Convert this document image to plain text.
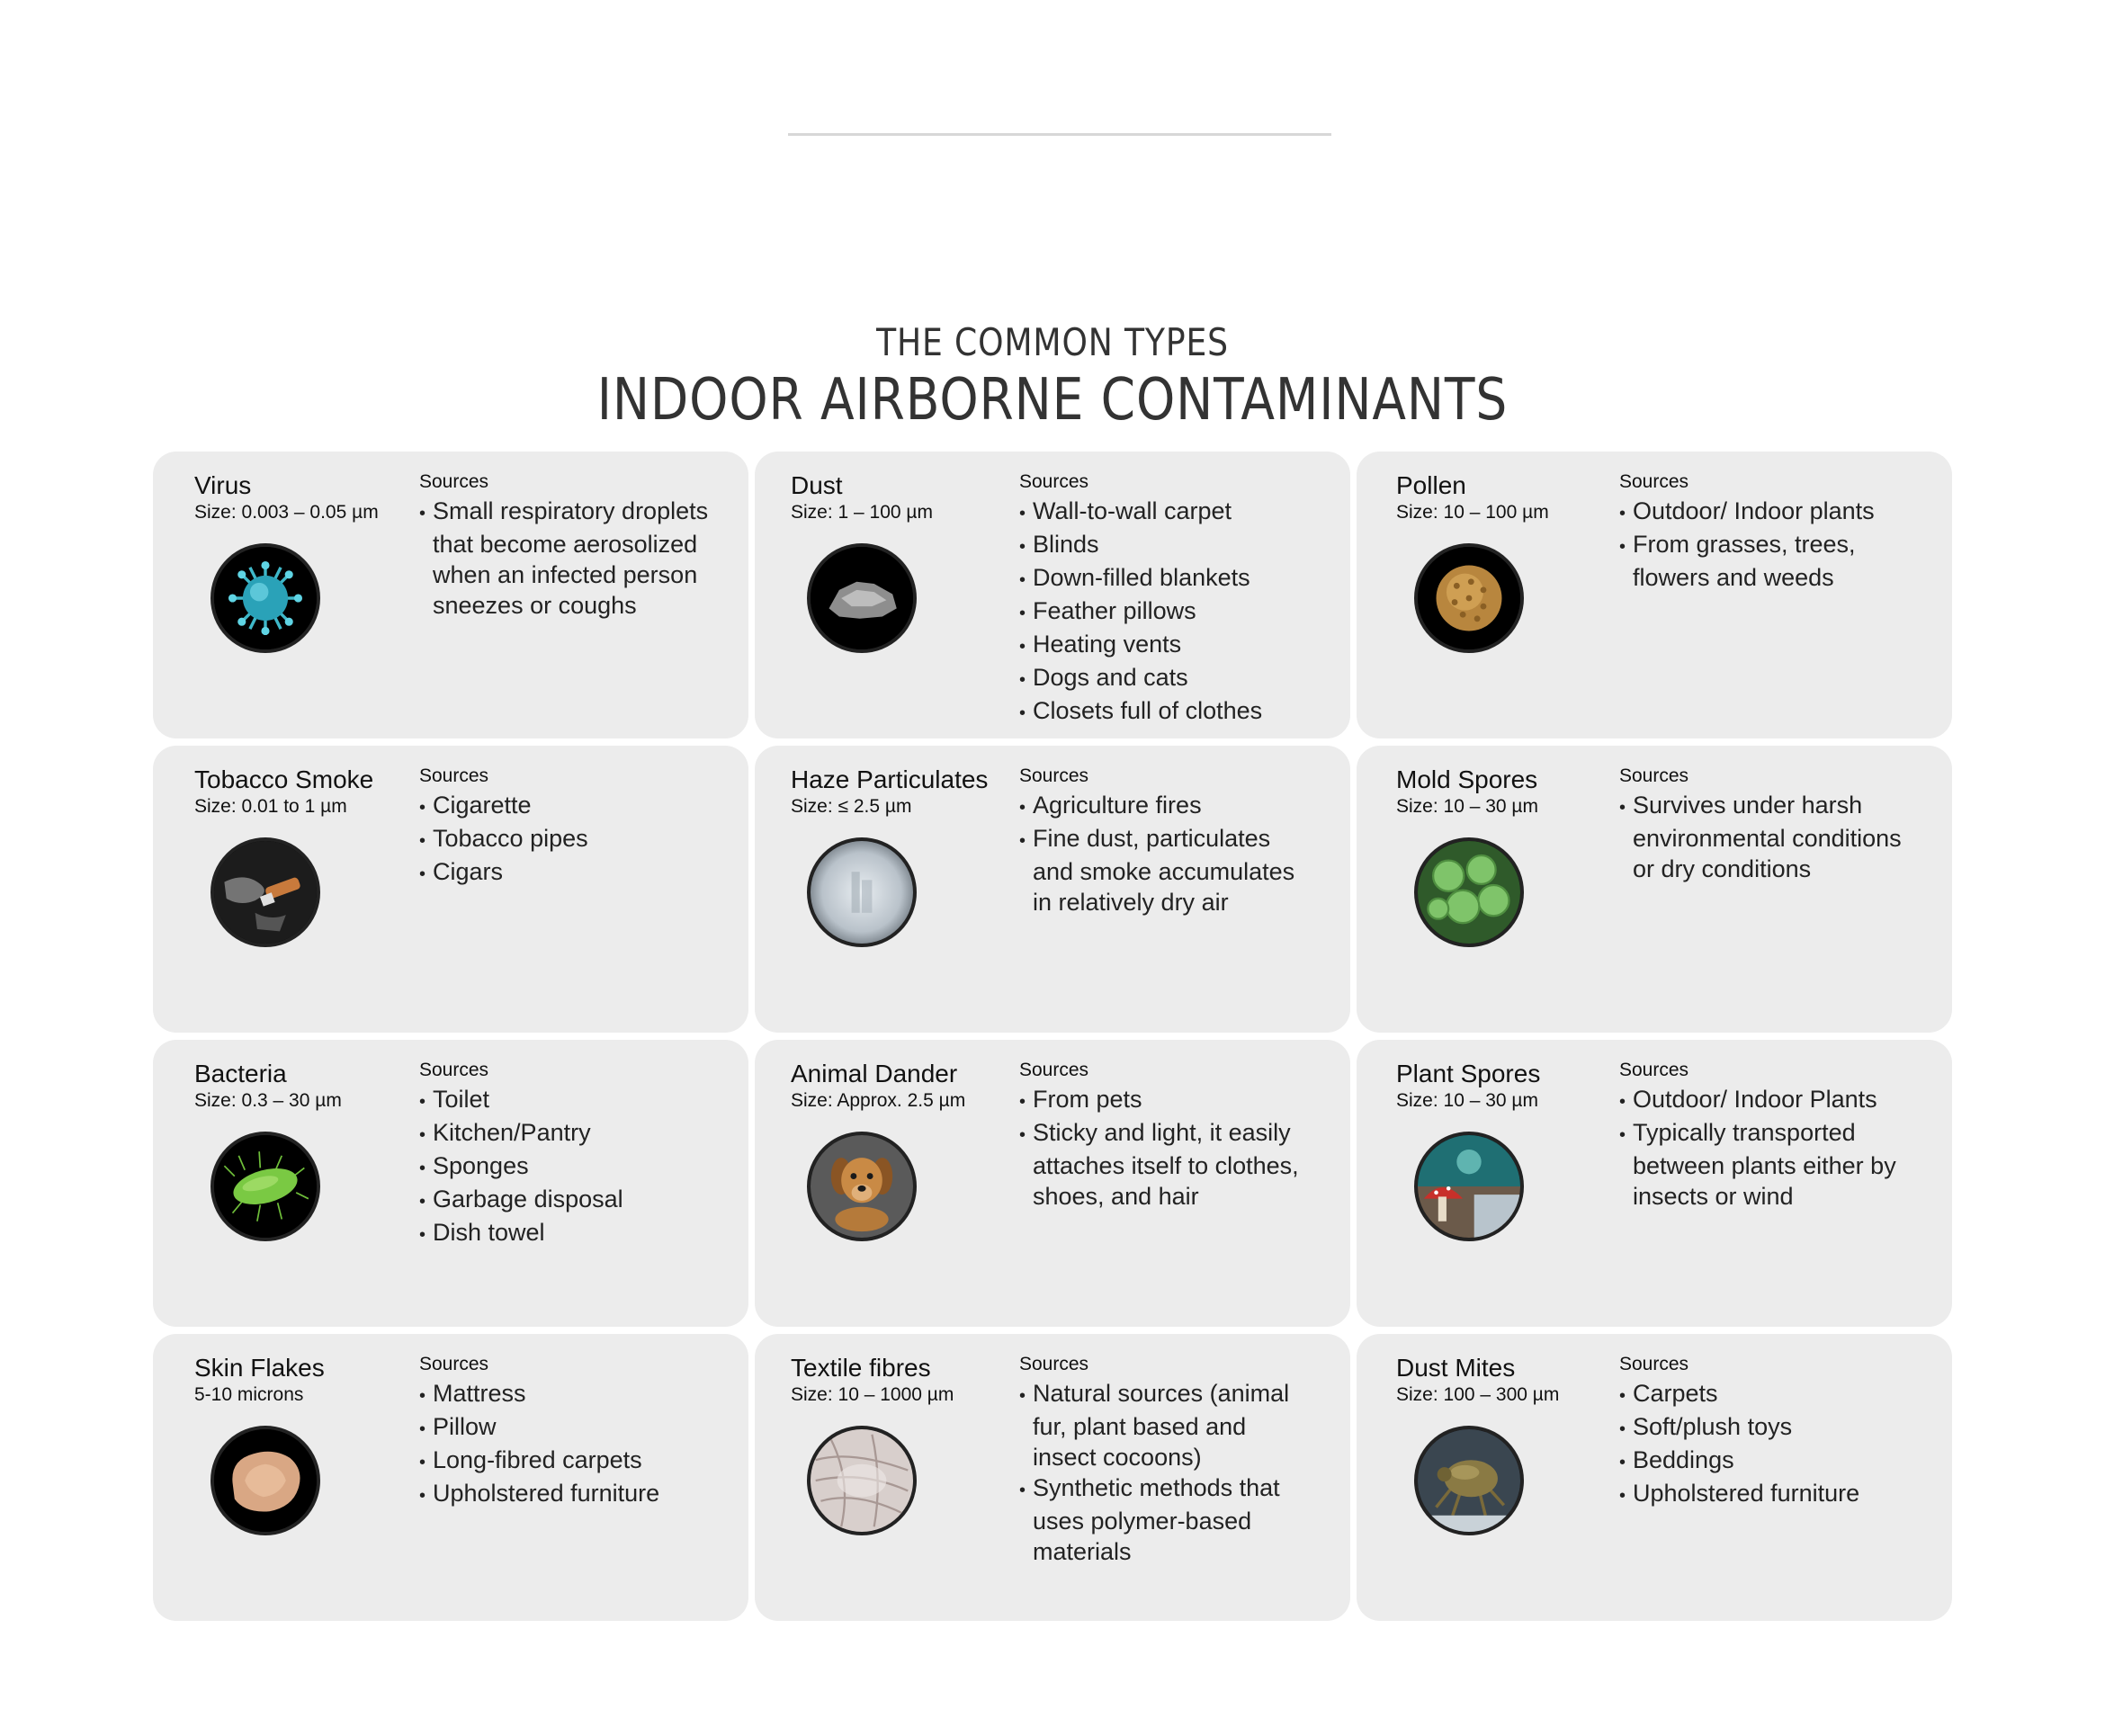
THE COMMON TYPES
INDOOR AIRBORNE CONTAMINANTS
Virus
Size: 0.003 – 0.05 µm
Sources
• Small respiratory droplets that become aerosolized when an infected person sneezes or coughs
Dust
Size: 1 – 100 µm
Sources
• Wall-to-wall carpet
• Blinds
• Down-filled blankets
• Feather pillows
• Heating vents
• Dogs and cats
• Closets full of clothes
Pollen
Size: 10 – 100 µm
Sources
• Outdoor/ Indoor plants
• From grasses, trees, flowers and weeds
Tobacco Smoke
Size: 0.01 to 1 µm
Sources
• Cigarette
• Tobacco pipes
• Cigars
Haze Particulates
Size: ≤ 2.5 µm
Sources
• Agriculture fires
• Fine dust, particulates and smoke accumulates in relatively dry air
Mold Spores
Size: 10 – 30 µm
Sources
• Survives under harsh environmental conditions or dry conditions
Bacteria
Size: 0.3 – 30 µm
Sources
• Toilet
• Kitchen/Pantry
• Sponges
• Garbage disposal
• Dish towel
Animal Dander
Size: Approx. 2.5 µm
Sources
• From pets
• Sticky and light, it easily attaches itself to clothes, shoes, and hair
Plant Spores
Size: 10 – 30 µm
Sources
• Outdoor/ Indoor Plants
• Typically transported between plants either by insects or wind
Skin Flakes
5-10 microns
Sources
• Mattress
• Pillow
• Long-fibred carpets
• Upholstered furniture
Textile fibres
Size: 10 – 1000 µm
Sources
• Natural sources (animal fur, plant based and insect cocoons)
• Synthetic methods that uses polymer-based materials
Dust Mites
Size: 100 – 300 µm
Sources
• Carpets
• Soft/plush toys
• Beddings
• Upholstered furniture
